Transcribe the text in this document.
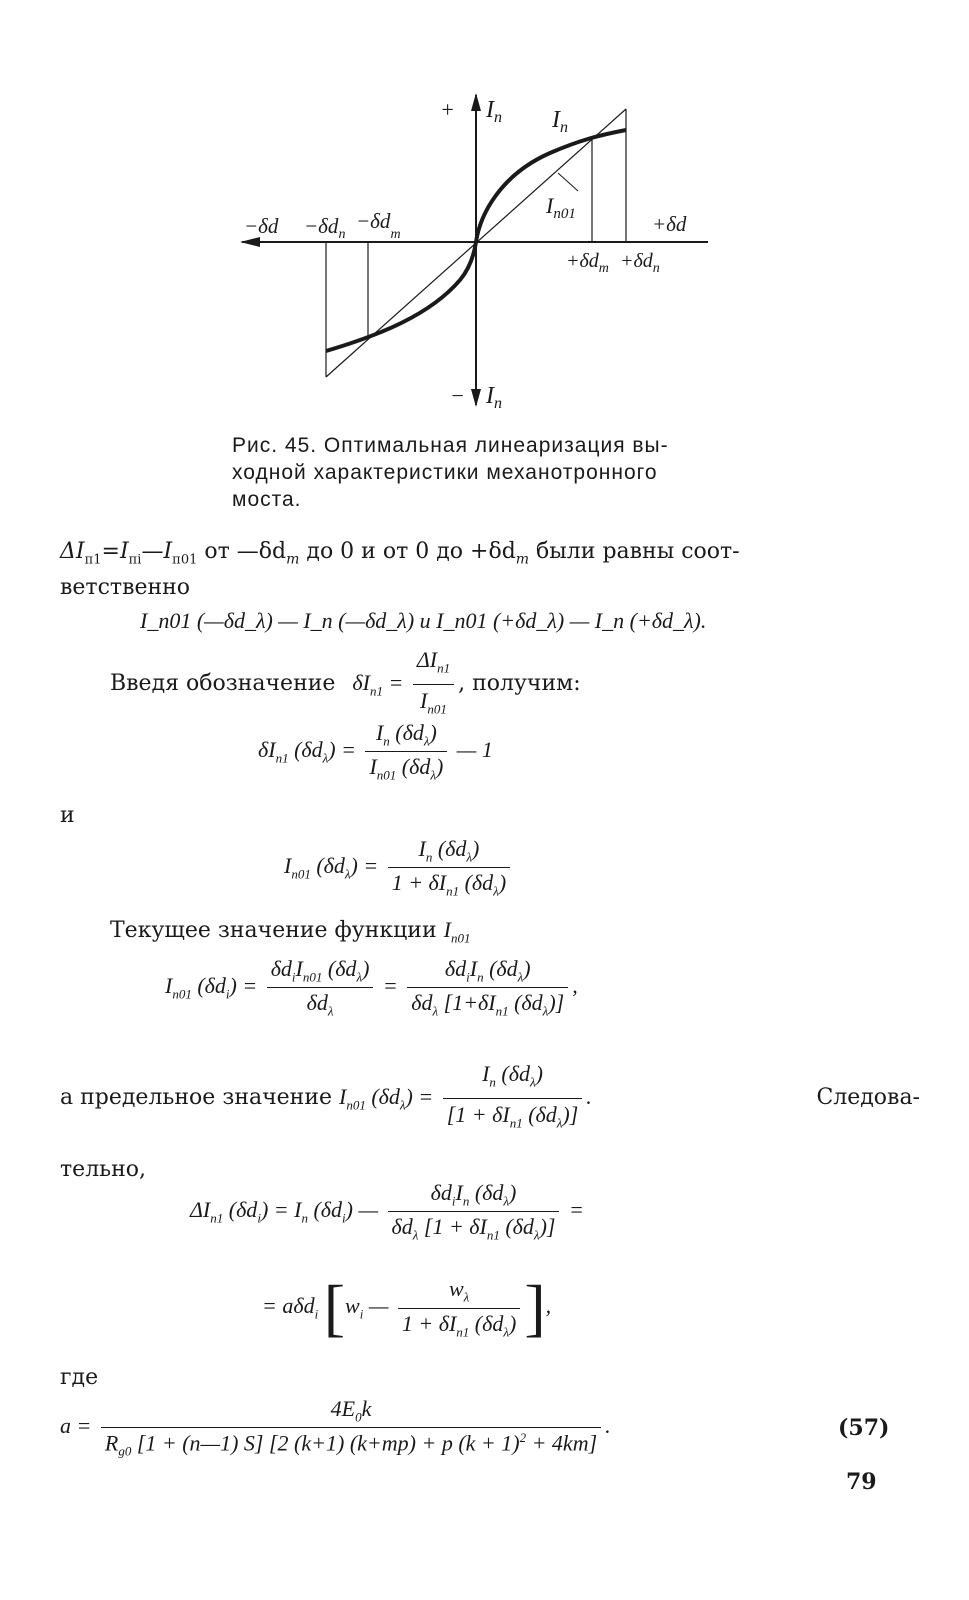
+ $I_n$ $I_n$
$I_{n01}$
$-\delta d -\delta d_n$
$-\delta d_m$	+δd
$+\delta d_m +\delta d_n$
− $I_n$
Рис. 45. Оптимальная линеаризация вы-
ходной характеристики механотронного
моста.
$\Delta I_{п1}=I_{пi}—I_{п01}$ от $—\delta d_m$ до 0 и от 0 до $+\delta d_m$ были равны соот-
ветственно
I_п01 (—δd_λ) — I_п (—δd_λ) и I_п01 (+δd_λ) — I_п (+δd_λ).
Введя обозначение $\delta I_{п1} = \frac{\Delta I_{п1}}{I_{п01}}$ , получим:
$\delta I_{п1}$ $(\delta d_\lambda) = \frac{I_п (\delta d_\lambda)}{I_{п01} (\delta d_\lambda)}$ — 1
и
$I_{п01}$ $(\delta d_\lambda) = \frac{I_п (\delta d_\lambda)}{1 + \delta I_{п1} (\delta d_\lambda)}$
Текущее значение функции $I_{п01}$
$I_{п01}$ $(\delta d_i) = \frac{\delta d_iI_{п01} (\delta d_\lambda)}{\delta d_\lambda} = \frac{\delta d_iI_п (\delta d_\lambda)}{\delta d_\lambda [1+\delta I_{п1} (\delta d_\lambda)]}$ ,
а предельное значение $I_{п01}$ $(\delta d_\lambda) = \frac{I_п (\delta d_\lambda)}{[1 + \delta I_{п1} (\delta d_\lambda)]}$ .	Следова-
тельно,
$\Delta I_{п1}$ $(\delta d_i) = I_п$ $(\delta d_i)$ — $\frac{\delta d_iI_п (\delta d_\lambda)}{\delta d_\lambda [1 + \delta I_{п1} (\delta d_\lambda)]}$ =
= aδd$_i$ [$w_i$ — $\frac{w_\lambda}{1 + \delta I_{п1} (\delta d_\lambda)}$ ],
где
$a = \frac{4E_0k}{R_{g0} [1 + (n—1) S] [2 (k+1) (k+mp) + p (k + 1)^2 + 4km]}$ .	(57)
79
